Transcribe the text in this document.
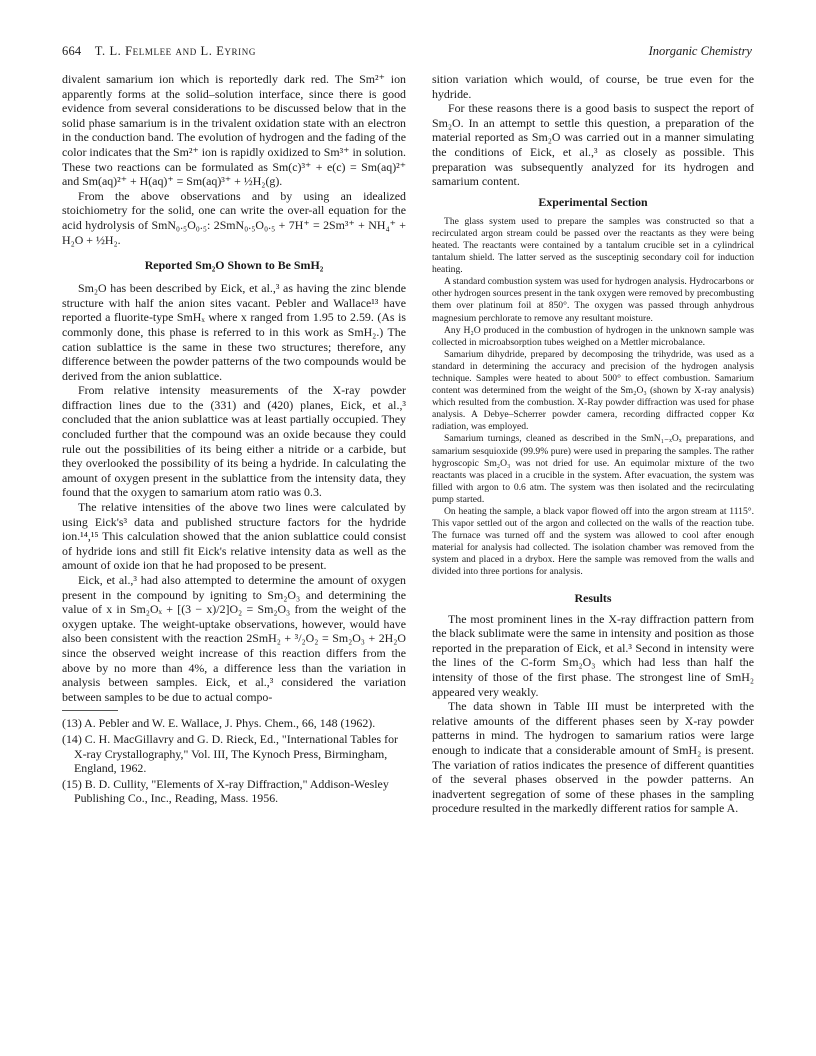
664 T. L. Felmlee and L. Eyring	Inorganic Chemistry

divalent samarium ion which is reportedly dark red. The Sm²⁺ ion apparently forms at the solid–solution interface, since there is good evidence from several considerations to be discussed below that in the solid phase samarium is in the trivalent oxidation state with an electron in the conduction band. The evolution of hydrogen and the fading of the color indicates that the Sm²⁺ ion is rapidly oxidized to Sm³⁺ in solution. These two reactions can be formulated as Sm(c)³⁺ + e(c) = Sm(aq)²⁺ and Sm(aq)²⁺ + H(aq)⁺ = Sm(aq)³⁺ + ½H₂(g).

From the above observations and by using an idealized stoichiometry for the solid, one can write the over-all equation for the acid hydrolysis of SmN₀.₅O₀.₅: 2SmN₀.₅O₀.₅ + 7H⁺ = 2Sm³⁺ + NH₄⁺ + H₂O + ½H₂.

Reported Sm₂O Shown to Be SmH₂

Sm₂O has been described by Eick, et al.,³ as having the zinc blende structure with half the anion sites vacant. Pebler and Wallace¹³ have reported a fluorite-type SmHₓ where x ranged from 1.95 to 2.59. (As is commonly done, this phase is referred to in this work as SmH₂.) The cation sublattice is the same in these two structures; therefore, any difference between the powder patterns of the two compounds would be derived from the anion sublattice.

From relative intensity measurements of the X-ray powder diffraction lines due to the (331) and (420) planes, Eick, et al.,³ concluded that the anion sublattice was at least partially occupied. They concluded further that the compound was an oxide because they could rule out the possibilities of its being either a nitride or a carbide, but they overlooked the possibility of its being a hydride. In calculating the amount of oxygen present in the sublattice from the intensity data, they found that the oxygen to samarium atom ratio was 0.3.

The relative intensities of the above two lines were calculated by using Eick's³ data and published structure factors for the hydride ion.¹⁴,¹⁵ This calculation showed that the anion sublattice could consist of hydride ions and still fit Eick's relative intensity data as well as the amount of oxide ion that he had proposed to be present.

Eick, et al.,³ had also attempted to determine the amount of oxygen present in the compound by igniting to Sm₂O₃ and determining the value of x in Sm₂Oₓ + [(3 − x)/2]O₂ = Sm₂O₃ from the weight of the oxygen uptake. The weight-uptake observations, however, would have also been consistent with the reaction 2SmH₂ + ³/₂O₂ = Sm₂O₃ + 2H₂O since the observed weight increase of this reaction differs from the above by no more than 4%, a difference less than the variation in analysis between samples. Eick, et al.,³ considered the variation between samples to be due to actual compo-

(13) A. Pebler and W. E. Wallace, J. Phys. Chem., 66, 148 (1962).

(14) C. H. MacGillavry and G. D. Rieck, Ed., "International Tables for X-ray Crystallography," Vol. III, The Kynoch Press, Birmingham, England, 1962.

(15) B. D. Cullity, "Elements of X-ray Diffraction," Addison-Wesley Publishing Co., Inc., Reading, Mass. 1956.

sition variation which would, of course, be true even for the hydride.

For these reasons there is a good basis to suspect the report of Sm₂O. In an attempt to settle this question, a preparation of the material reported as Sm₂O was carried out in a manner simulating the conditions of Eick, et al.,³ as closely as possible. This preparation was subsequently analyzed for its hydrogen and samarium content.

Experimental Section

The glass system used to prepare the samples was constructed so that a recirculated argon stream could be passed over the reactants as they were being heated. The reactants were contained by a tantalum crucible set in a cylindrical tantalum shield. The latter served as the susceptinig secondary coil for induction heating.

A standard combustion system was used for hydrogen analysis. Hydrocarbons or other hydrogen sources present in the tank oxygen were removed by precombusting them over platinum foil at 850°. The oxygen was passed through anhydrous magnesium perchlorate to remove any resultant moisture.

Any H₂O produced in the combustion of hydrogen in the unknown sample was collected in microabsorption tubes weighed on a Mettler microbalance.

Samarium dihydride, prepared by decomposing the trihydride, was used as a standard in determining the accuracy and precision of the hydrogen analysis technique. Samples were heated to about 500° to effect combustion. Samarium content was determined from the weight of the Sm₂O₃ (shown by X-ray analysis) which resulted from the combustion. X-Ray powder diffraction was used for phase analysis. A Debye–Scherrer powder camera, recording diffracted copper Kα radiation, was employed.

Samarium turnings, cleaned as described in the SmN₁₋ₓOₓ preparations, and samarium sesquioxide (99.9% pure) were used in preparing the samples. The rather hygroscopic Sm₂O₃ was not dried for use. An equimolar mixture of the two reactants was placed in a crucible in the system. After evacuation, the system was filled with argon to 0.6 atm. The system was then isolated and the recirculating pump started.

On heating the sample, a black vapor flowed off into the argon stream at 1115°. This vapor settled out of the argon and collected on the walls of the reaction tube. The furnace was turned off and the system was allowed to cool after enough material for analysis had collected. The isolation chamber was removed from the system and placed in a drybox. Here the sample was removed from the walls and divided into three portions for analysis.

Results

The most prominent lines in the X-ray diffraction pattern from the black sublimate were the same in intensity and position as those reported in the preparation of Eick, et al.³ Second in intensity were the lines of the C-form Sm₂O₃ which had less than half the intensity of those of the first phase. The strongest line of SmH₂ appeared very weakly.

The data shown in Table III must be interpreted with the relative amounts of the different phases seen by X-ray powder patterns in mind. The hydrogen to samarium ratios were large enough to indicate that a considerable amount of SmH₂ is present. The variation of ratios indicates the presence of different quantities of the several phases observed in the powder patterns. An inadvertent segregation of some of these phases in the sampling procedure resulted in the markedly different ratios for sample A.
